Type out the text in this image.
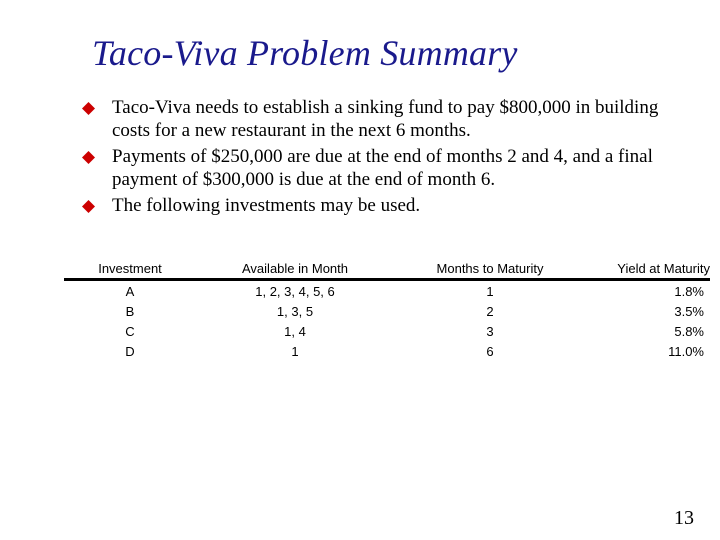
Taco-Viva Problem Summary
Taco-Viva needs to establish a sinking fund to pay $800,000 in building costs for a new restaurant in the next 6 months.
Payments of $250,000 are due at the end of months 2 and 4, and a final payment of $300,000 is due at the end of month 6.
The following investments may be used.
Investment	Available in Month	Months to Maturity	Yield at Maturity
A	1, 2, 3, 4, 5, 6	1	1.8%
B	1, 3, 5	2	3.5%
C	1, 4	3	5.8%
D	1	6	11.0%
13
